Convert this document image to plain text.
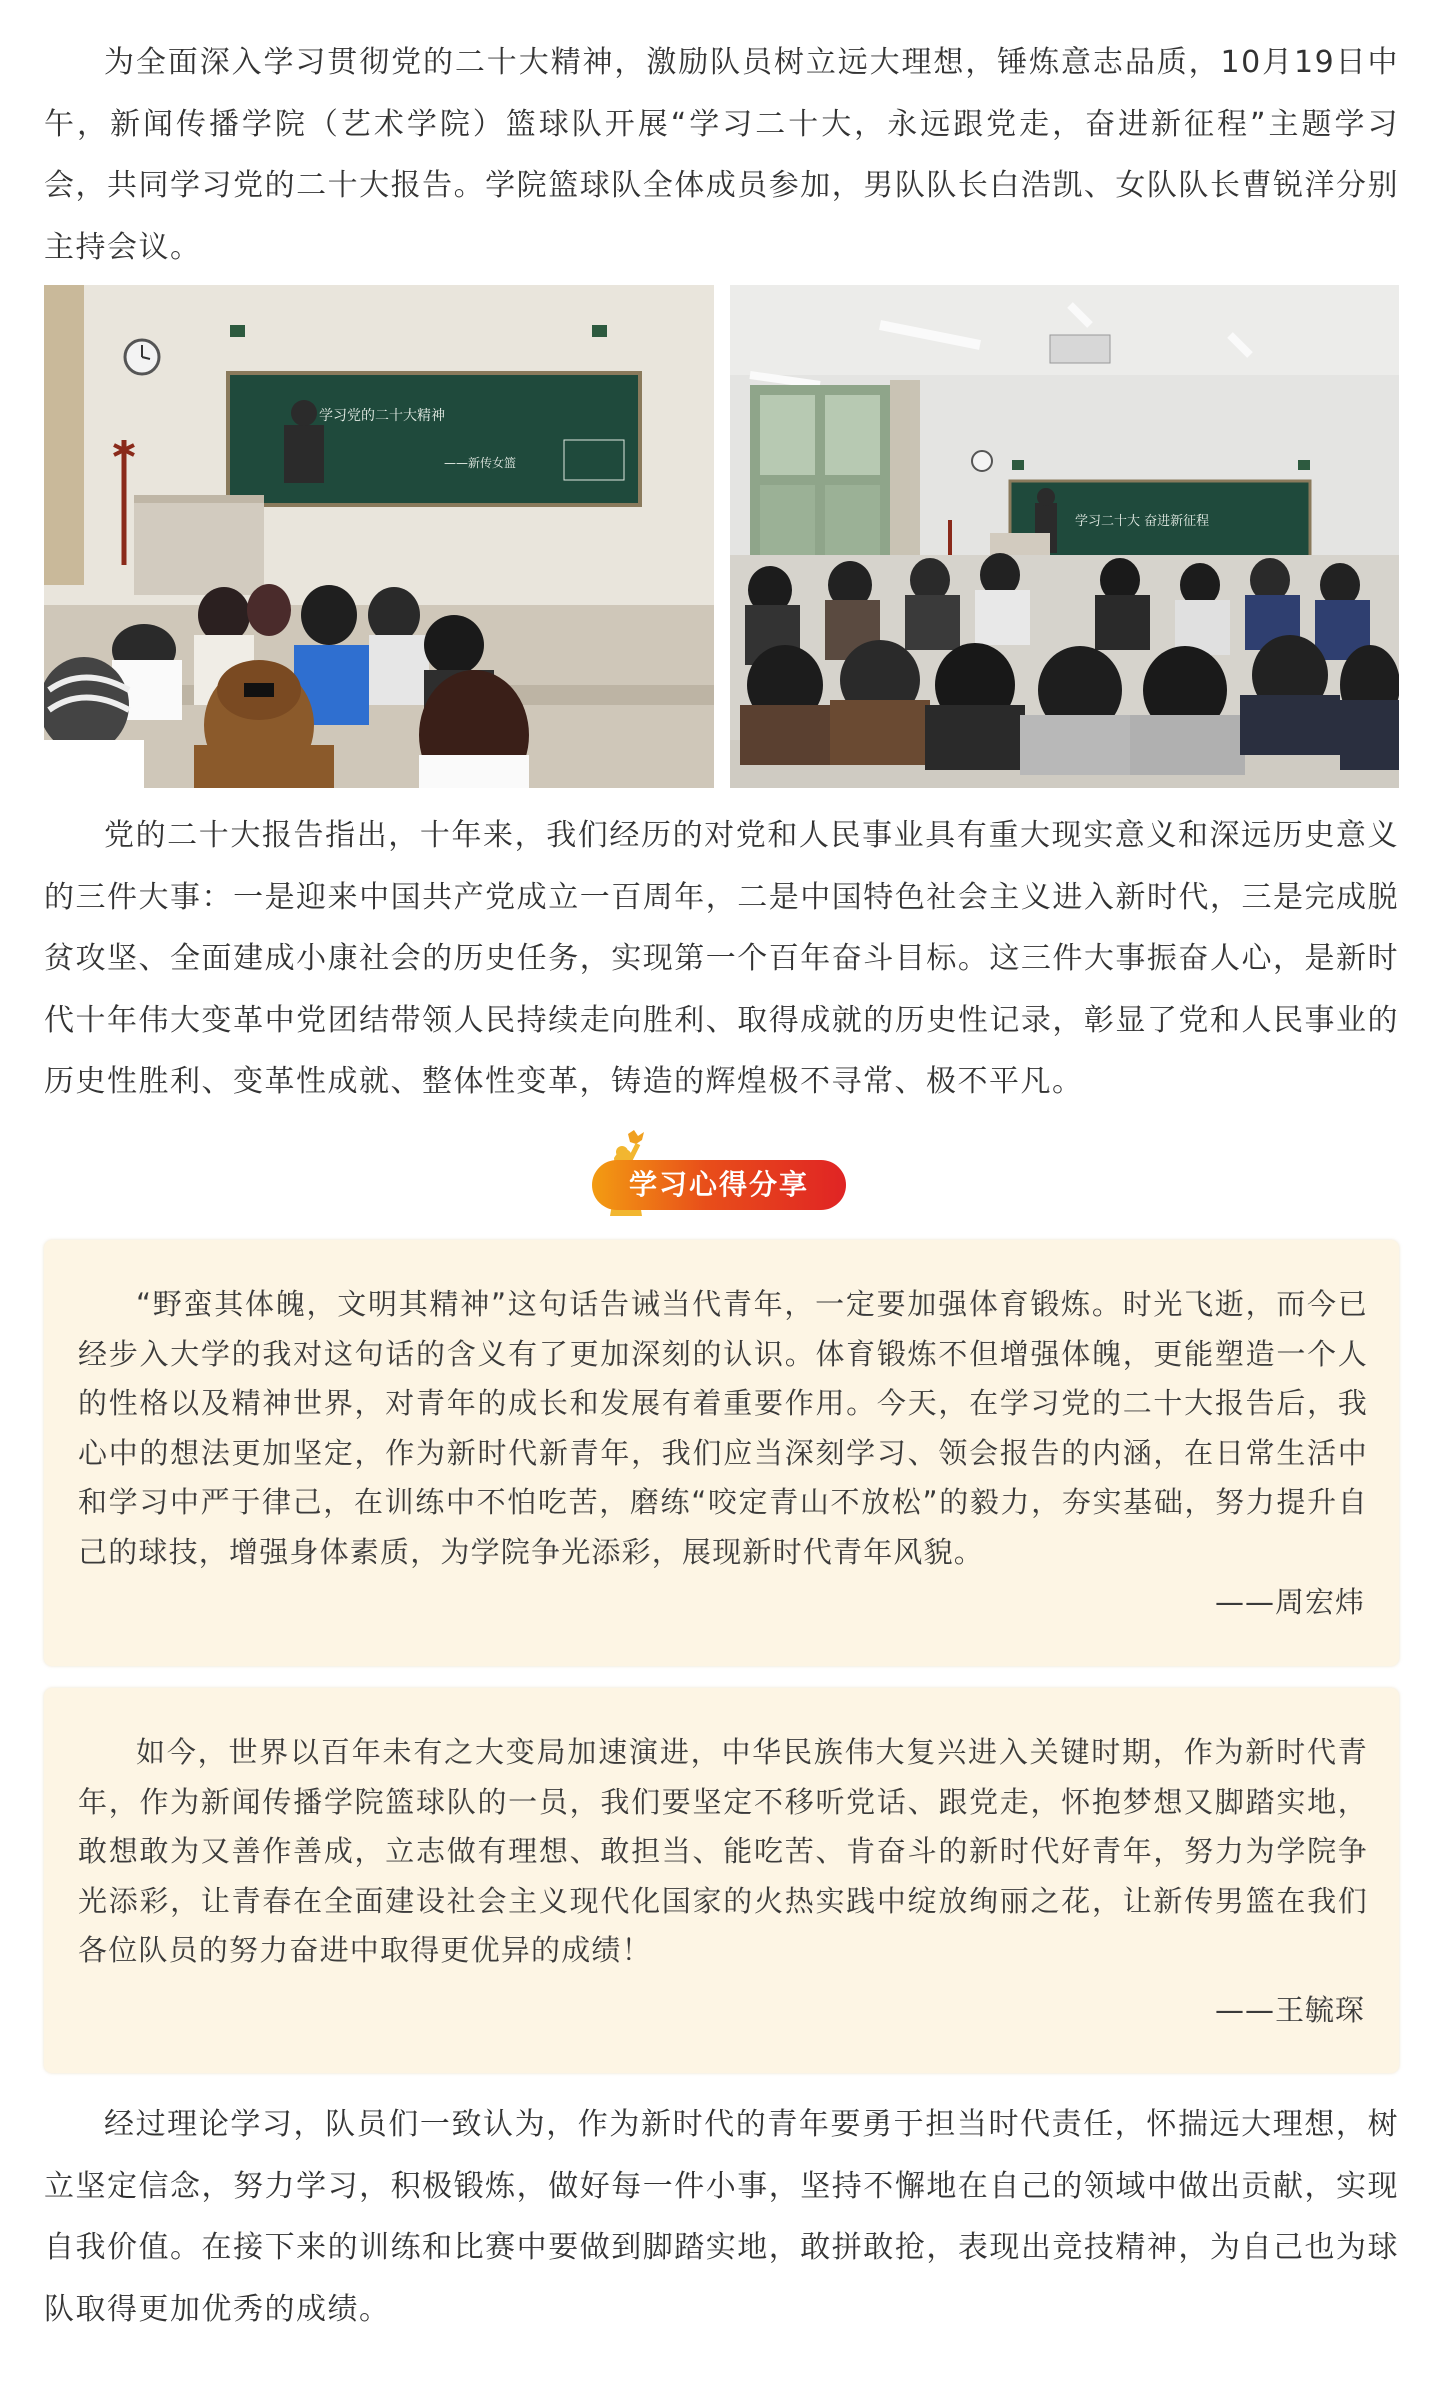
为全面深入学习贯彻党的二十大精神，激励队员树立远大理想，锤炼意志品质，10月19日中午，新闻传播学院（艺术学院）篮球队开展“学习二十大，永远跟党走，奋进新征程”主题学习会，共同学习党的二十大报告。学院篮球队全体成员参加，男队队长白浩凯、女队队长曹锐洋分别主持会议。

学习党的二十大精神
——新传女篮
学习二十大 奋进新征程

党的二十大报告指出，十年来，我们经历的对党和人民事业具有重大现实意义和深远历史意义的三件大事：一是迎来中国共产党成立一百周年，二是中国特色社会主义进入新时代，三是完成脱贫攻坚、全面建成小康社会的历史任务，实现第一个百年奋斗目标。这三件大事振奋人心，是新时代十年伟大变革中党团结带领人民持续走向胜利、取得成就的历史性记录，彰显了党和人民事业的历史性胜利、变革性成就、整体性变革，铸造的辉煌极不寻常、极不平凡。

学习心得分享

“野蛮其体魄，文明其精神”这句话告诫当代青年，一定要加强体育锻炼。时光飞逝，而今已经步入大学的我对这句话的含义有了更加深刻的认识。体育锻炼不但增强体魄，更能塑造一个人的性格以及精神世界，对青年的成长和发展有着重要作用。今天，在学习党的二十大报告后，我心中的想法更加坚定，作为新时代新青年，我们应当深刻学习、领会报告的内涵，在日常生活中和学习中严于律己，在训练中不怕吃苦，磨练“咬定青山不放松”的毅力，夯实基础，努力提升自己的球技，增强身体素质，为学院争光添彩，展现新时代青年风貌。

——周宏炜

如今，世界以百年未有之大变局加速演进，中华民族伟大复兴进入关键时期，作为新时代青年，作为新闻传播学院篮球队的一员，我们要坚定不移听党话、跟党走，怀抱梦想又脚踏实地，敢想敢为又善作善成，立志做有理想、敢担当、能吃苦、肯奋斗的新时代好青年，努力为学院争光添彩，让青春在全面建设社会主义现代化国家的火热实践中绽放绚丽之花，让新传男篮在我们各位队员的努力奋进中取得更优异的成绩！

——王毓琛

经过理论学习，队员们一致认为，作为新时代的青年要勇于担当时代责任，怀揣远大理想，树立坚定信念，努力学习，积极锻炼，做好每一件小事，坚持不懈地在自己的领域中做出贡献，实现自我价值。在接下来的训练和比赛中要做到脚踏实地，敢拼敢抢，表现出竞技精神，为自己也为球队取得更加优秀的成绩。
